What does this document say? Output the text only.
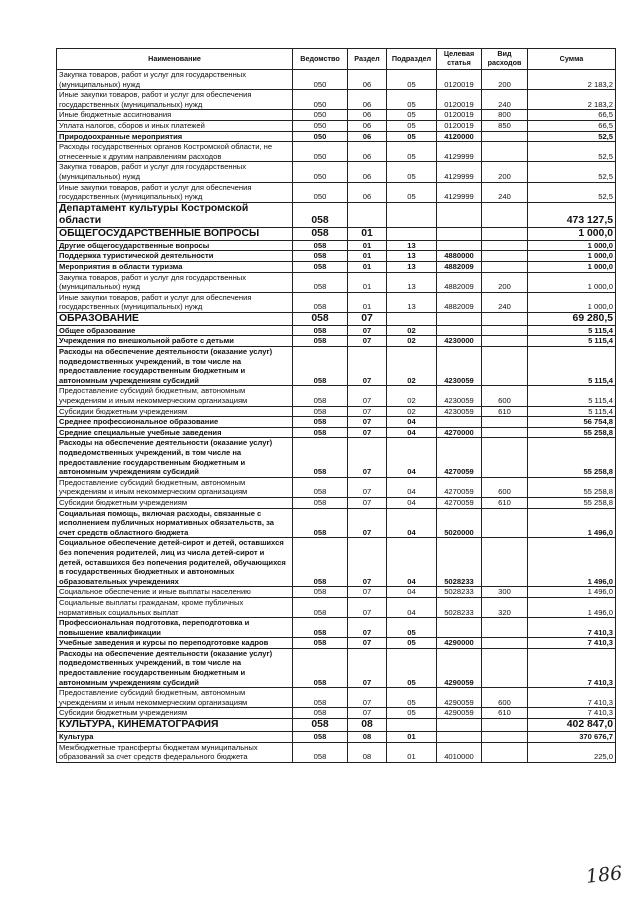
Наименование	Ведомство	Раздел	Подраздел	Целевая статья	Вид расходов	Сумма
Закупка товаров, работ и услуг для государственных (муниципальных) нужд	050	06	05	0120019	200	2 183,2
Иные закупки товаров, работ и услуг для обеспечения государственных (муниципальных) нужд	050	06	05	0120019	240	2 183,2
Иные бюджетные ассигнования	050	06	05	0120019	800	66,5
Уплата налогов, сборов и иных платежей	050	06	05	0120019	850	66,5
Природоохранные мероприятия	050	06	05	4120000		52,5
Расходы государственных органов Костромской области, не отнесенные к другим направлениям расходов	050	06	05	4129999		52,5
Закупка товаров, работ и услуг для государственных (муниципальных) нужд	050	06	05	4129999	200	52,5
Иные закупки товаров, работ и услуг для обеспечения государственных (муниципальных) нужд	050	06	05	4129999	240	52,5
Департамент культуры Костромской области	058					473 127,5
ОБЩЕГОСУДАРСТВЕННЫЕ ВОПРОСЫ	058	01				1 000,0
Другие общегосударственные вопросы	058	01	13			1 000,0
Поддержка туристической деятельности	058	01	13	4880000		1 000,0
Мероприятия в области туризма	058	01	13	4882009		1 000,0
Закупка товаров, работ и услуг для государственных (муниципальных) нужд	058	01	13	4882009	200	1 000,0
Иные закупки товаров, работ и услуг для обеспечения государственных (муниципальных) нужд	058	01	13	4882009	240	1 000,0
ОБРАЗОВАНИЕ	058	07				69 280,5
Общее образование	058	07	02			5 115,4
Учреждения по внешкольной работе с детьми	058	07	02	4230000		5 115,4
Расходы на обеспечение деятельности (оказание услуг) подведомственных учреждений, в том числе на предоставление государственным бюджетным и автономным учреждениям субсидий	058	07	02	4230059		5 115,4
Предоставление субсидий бюджетным, автономным учреждениям и иным некоммерческим организациям	058	07	02	4230059	600	5 115,4
Субсидии бюджетным учреждениям	058	07	02	4230059	610	5 115,4
Среднее профессиональное образование	058	07	04			56 754,8
Средние специальные учебные заведения	058	07	04	4270000		55 258,8
Расходы на обеспечение деятельности (оказание услуг) подведомственных учреждений, в том числе на предоставление государственным бюджетным и автономным учреждениям субсидий	058	07	04	4270059		55 258,8
Предоставление субсидий бюджетным, автономным учреждениям и иным некоммерческим организациям	058	07	04	4270059	600	55 258,8
Субсидии бюджетным учреждениям	058	07	04	4270059	610	55 258,8
Социальная помощь, включая расходы, связанные с исполнением публичных нормативных обязательств, за счет средств областного бюджета	058	07	04	5020000		1 496,0
Социальное обеспечение детей-сирот и детей, оставшихся без попечения родителей, лиц из числа детей-сирот и детей, оставшихся без попечения родителей, обучающихся в государственных бюджетных и автономных образовательных учреждениях	058	07	04	5028233		1 496,0
Социальное обеспечение и иные выплаты населению	058	07	04	5028233	300	1 496,0
Социальные выплаты гражданам, кроме публичных нормативных социальных выплат	058	07	04	5028233	320	1 496,0
Профессиональная подготовка, переподготовка и повышение квалификации	058	07	05			7 410,3
Учебные заведения и курсы по переподготовке кадров	058	07	05	4290000		7 410,3
Расходы на обеспечение деятельности (оказание услуг) подведомственных учреждений, в том числе на предоставление государственным бюджетным и автономным учреждениям субсидий	058	07	05	4290059		7 410,3
Предоставление субсидий бюджетным, автономным учреждениям и иным некоммерческим организациям	058	07	05	4290059	600	7 410,3
Субсидии бюджетным учреждениям	058	07	05	4290059	610	7 410,3
КУЛЬТУРА, КИНЕМАТОГРАФИЯ	058	08				402 847,0
Культура	058	08	01			370 676,7
Межбюджетные трансферты бюджетам муниципальных образований за счет средств федерального бюджета	058	08	01	4010000		225,0
186
